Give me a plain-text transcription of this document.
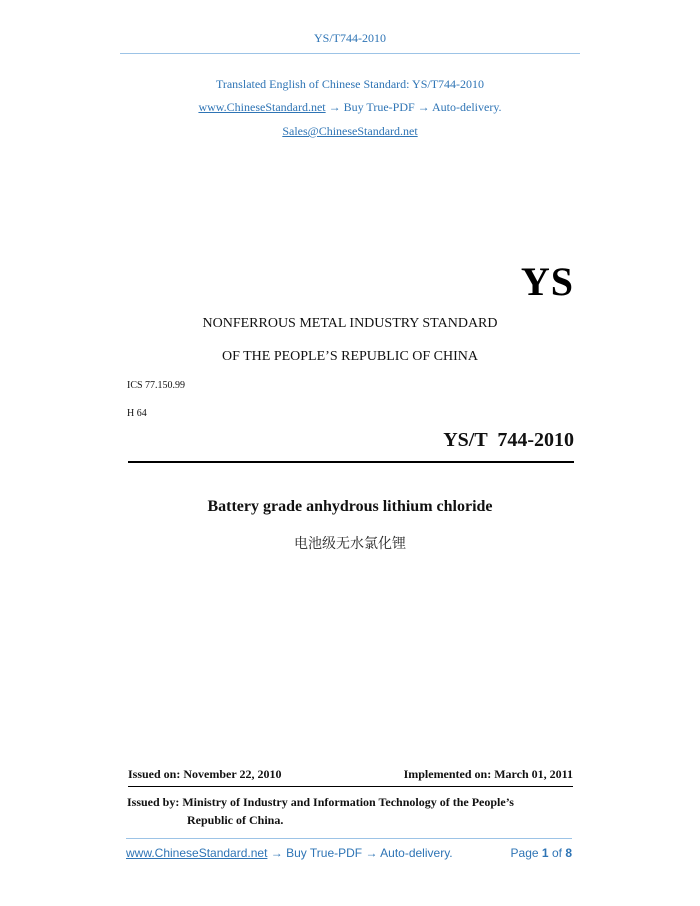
YS/T744-2010
Translated English of Chinese Standard: YS/T744-2010
www.ChineseStandard.net → Buy True-PDF → Auto-delivery.
Sales@ChineseStandard.net
YS
NONFERROUS METAL INDUSTRY STANDARD
OF THE PEOPLE’S REPUBLIC OF CHINA
ICS 77.150.99
H 64
YS/T  744-2010
Battery grade anhydrous lithium chloride
电池级无水氯化锂
Issued on: November 22, 2010	Implemented on: March 01, 2011
Issued by: Ministry of Industry and Information Technology of the People’s
Republic of China.
www.ChineseStandard.net → Buy True-PDF → Auto-delivery.	Page 1 of 8
